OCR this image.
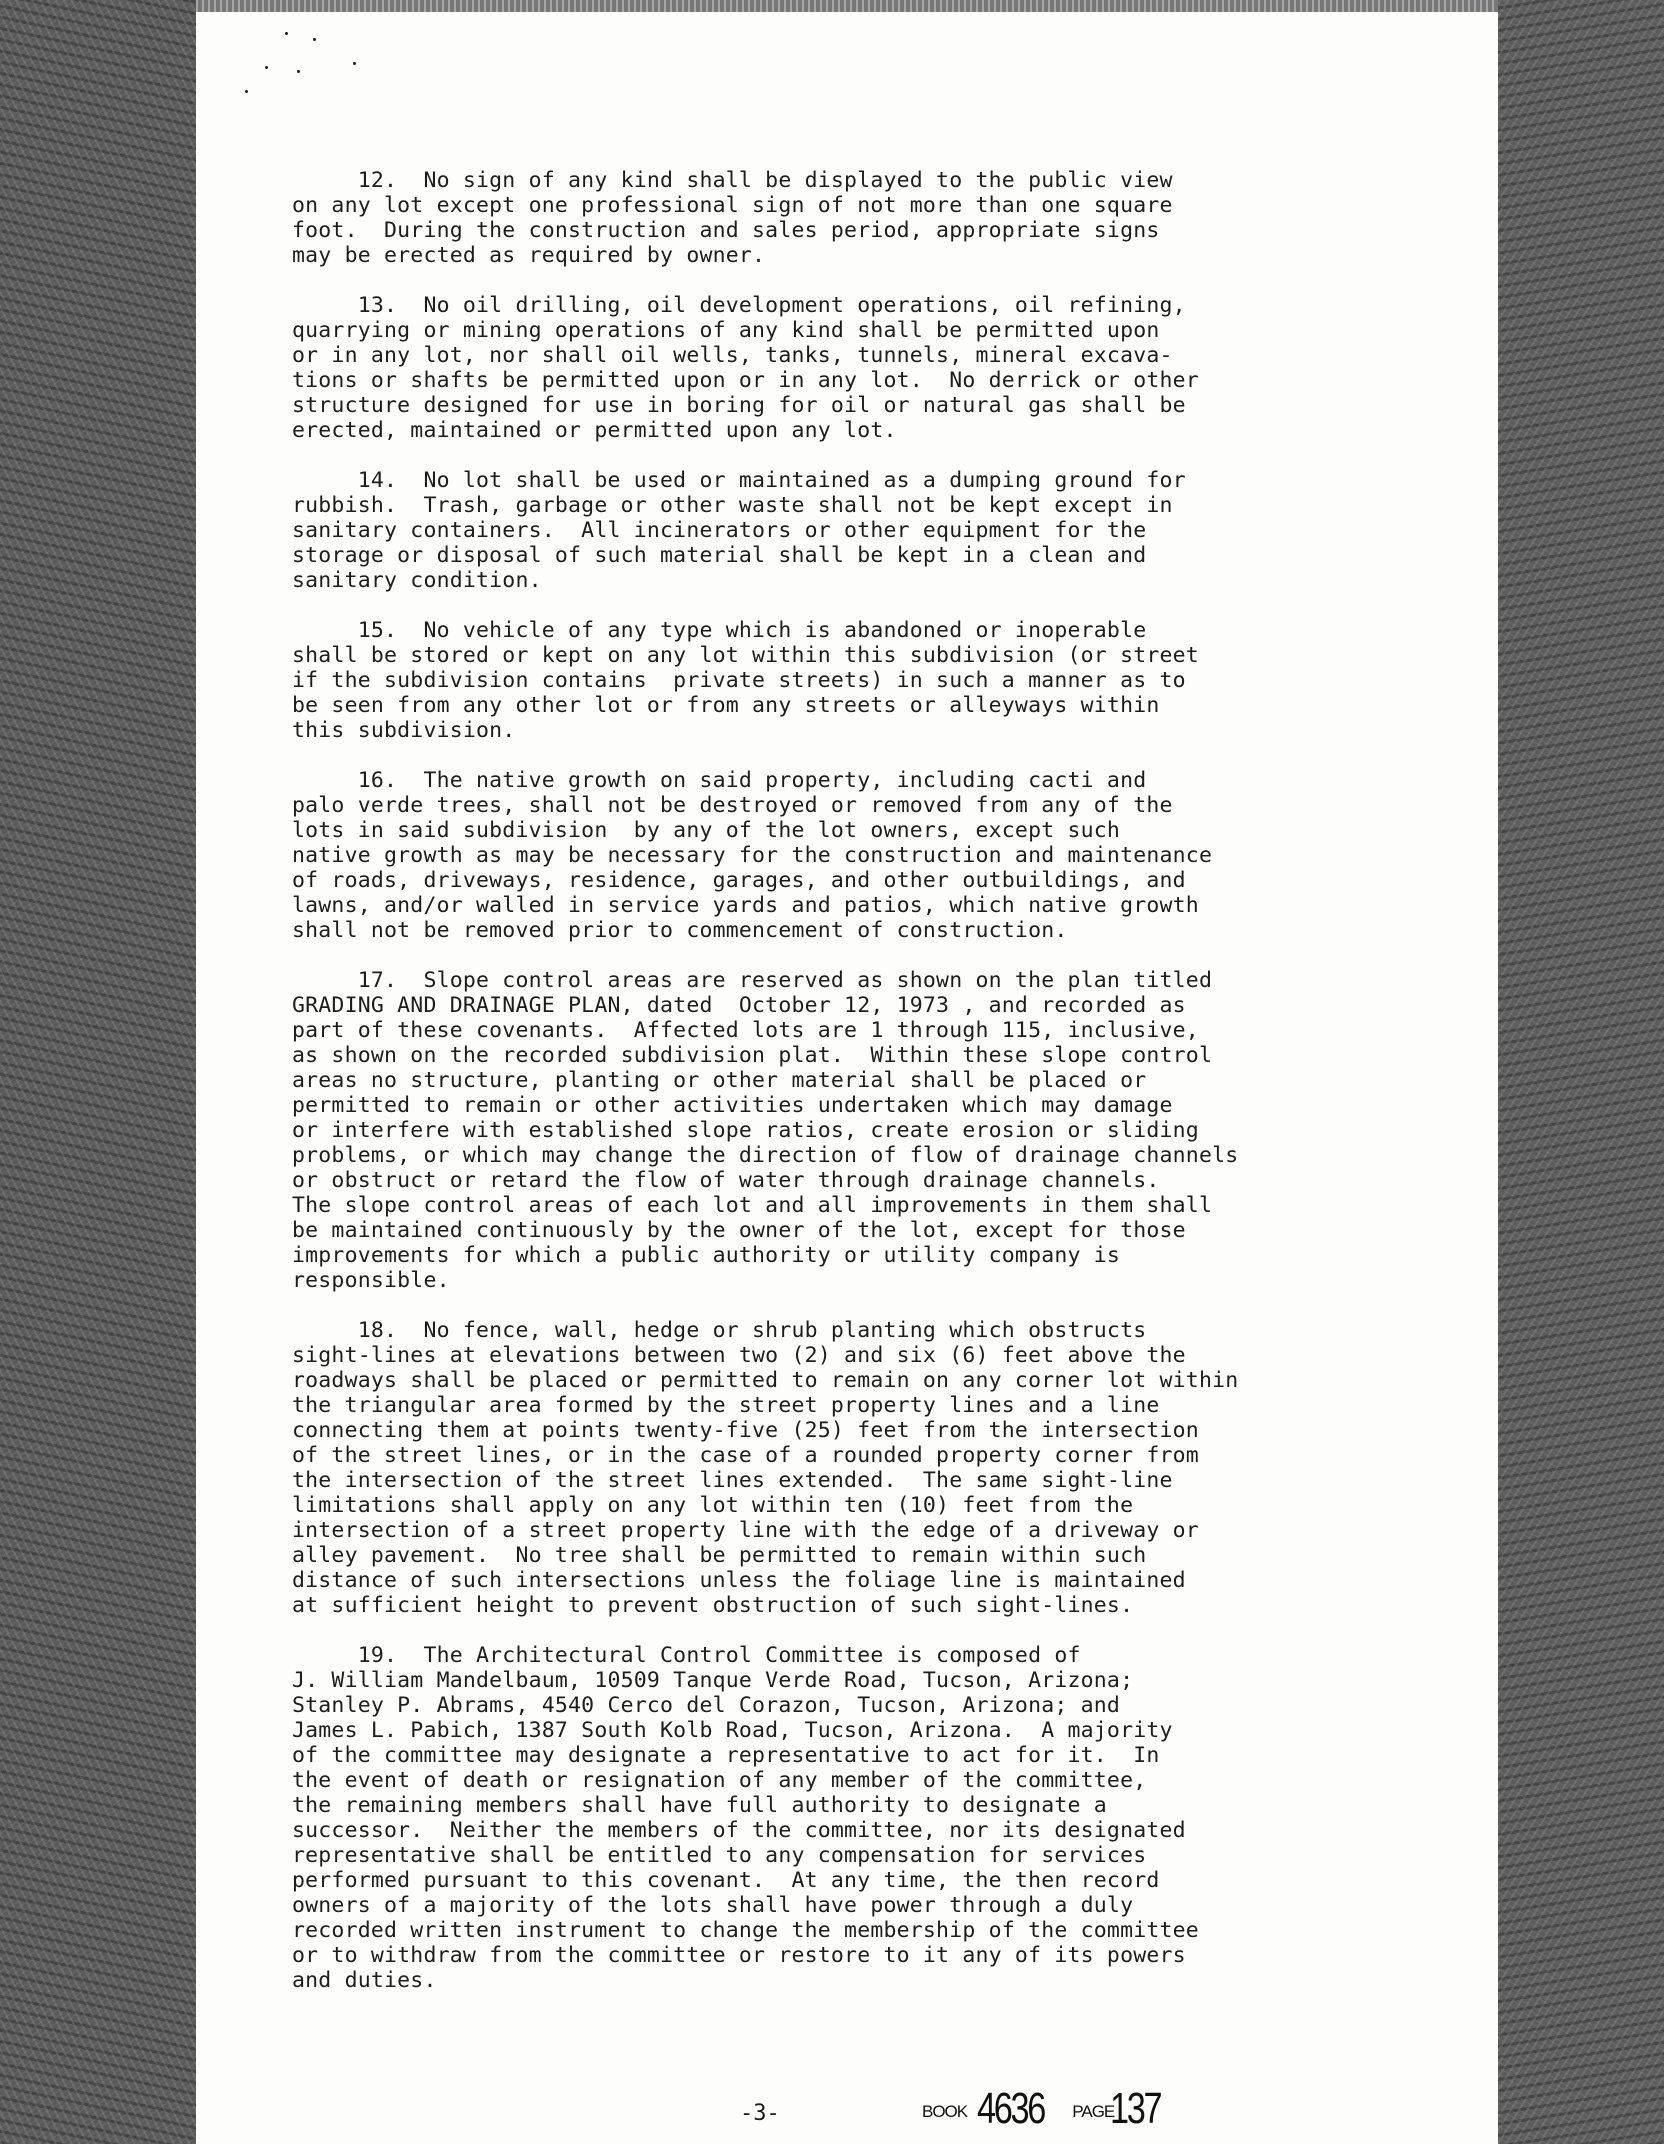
12.  No sign of any kind shall be displayed to the public view
on any lot except one professional sign of not more than one square
foot.  During the construction and sales period, appropriate signs
may be erected as required by owner.
13.  No oil drilling, oil development operations, oil refining,
quarrying or mining operations of any kind shall be permitted upon
or in any lot, nor shall oil wells, tanks, tunnels, mineral excava-
tions or shafts be permitted upon or in any lot.  No derrick or other
structure designed for use in boring for oil or natural gas shall be
erected, maintained or permitted upon any lot.
14.  No lot shall be used or maintained as a dumping ground for
rubbish.  Trash, garbage or other waste shall not be kept except in
sanitary containers.  All incinerators or other equipment for the
storage or disposal of such material shall be kept in a clean and
sanitary condition.
15.  No vehicle of any type which is abandoned or inoperable
shall be stored or kept on any lot within this subdivision (or street
if the subdivision contains  private streets) in such a manner as to
be seen from any other lot or from any streets or alleyways within
this subdivision.
16.  The native growth on said property, including cacti and
palo verde trees, shall not be destroyed or removed from any of the
lots in said subdivision  by any of the lot owners, except such
native growth as may be necessary for the construction and maintenance
of roads, driveways, residence, garages, and other outbuildings, and
lawns, and/or walled in service yards and patios, which native growth
shall not be removed prior to commencement of construction.
17.  Slope control areas are reserved as shown on the plan titled
GRADING AND DRAINAGE PLAN, dated  October 12, 1973 , and recorded as
part of these covenants.  Affected lots are 1 through 115, inclusive,
as shown on the recorded subdivision plat.  Within these slope control
areas no structure, planting or other material shall be placed or
permitted to remain or other activities undertaken which may damage
or interfere with established slope ratios, create erosion or sliding
problems, or which may change the direction of flow of drainage channels
or obstruct or retard the flow of water through drainage channels.
The slope control areas of each lot and all improvements in them shall
be maintained continuously by the owner of the lot, except for those
improvements for which a public authority or utility company is
responsible.
18.  No fence, wall, hedge or shrub planting which obstructs
sight-lines at elevations between two (2) and six (6) feet above the
roadways shall be placed or permitted to remain on any corner lot within
the triangular area formed by the street property lines and a line
connecting them at points twenty-five (25) feet from the intersection
of the street lines, or in the case of a rounded property corner from
the intersection of the street lines extended.  The same sight-line
limitations shall apply on any lot within ten (10) feet from the
intersection of a street property line with the edge of a driveway or
alley pavement.  No tree shall be permitted to remain within such
distance of such intersections unless the foliage line is maintained
at sufficient height to prevent obstruction of such sight-lines.
19.  The Architectural Control Committee is composed of
J. William Mandelbaum, 10509 Tanque Verde Road, Tucson, Arizona;
Stanley P. Abrams, 4540 Cerco del Corazon, Tucson, Arizona; and
James L. Pabich, 1387 South Kolb Road, Tucson, Arizona.  A majority
of the committee may designate a representative to act for it.  In
the event of death or resignation of any member of the committee,
the remaining members shall have full authority to designate a
successor.  Neither the members of the committee, nor its designated
representative shall be entitled to any compensation for services
performed pursuant to this covenant.  At any time, the then record
owners of a majority of the lots shall have power through a duly
recorded written instrument to change the membership of the committee
or to withdraw from the committee or restore to it any of its powers
and duties.
-3-	BOOK 4636 PAGE 137
